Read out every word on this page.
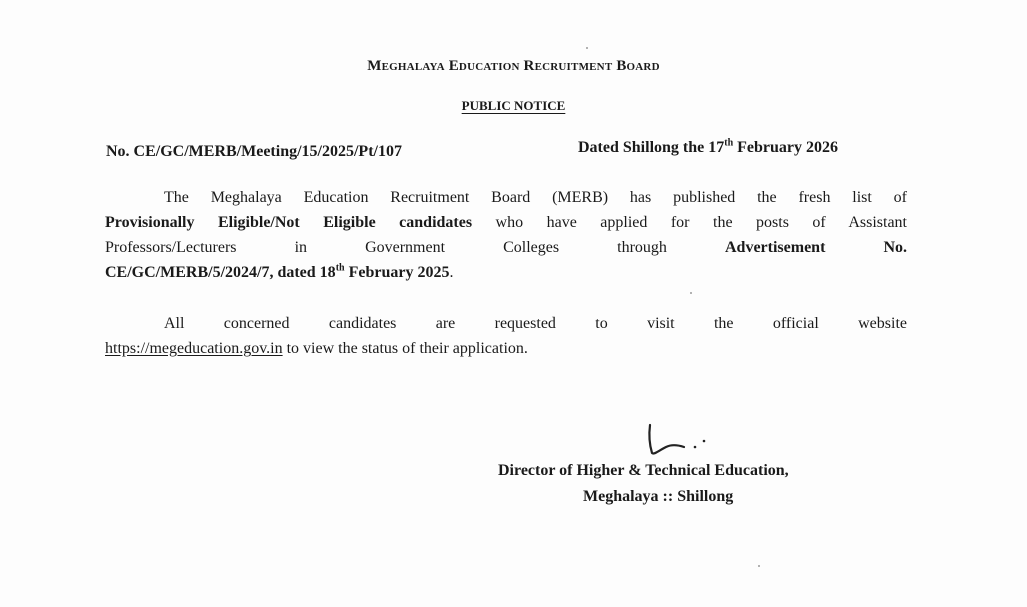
Meghalaya Education Recruitment Board
PUBLIC NOTICE
No. CE/GC/MERB/Meeting/15/2025/Pt/107	Dated Shillong the 17th February 2026
The Meghalaya Education Recruitment Board (MERB) has published the fresh list of
Provisionally Eligible/Not Eligible candidates who have applied for the posts of Assistant
Professors/Lecturers in Government Colleges through Advertisement No.
CE/GC/MERB/5/2024/7, dated 18th February 2025.
All concerned candidates are requested to visit the official website
https://megeducation.gov.in to view the status of their application.
Director of Higher & Technical Education,
Meghalaya :: Shillong
